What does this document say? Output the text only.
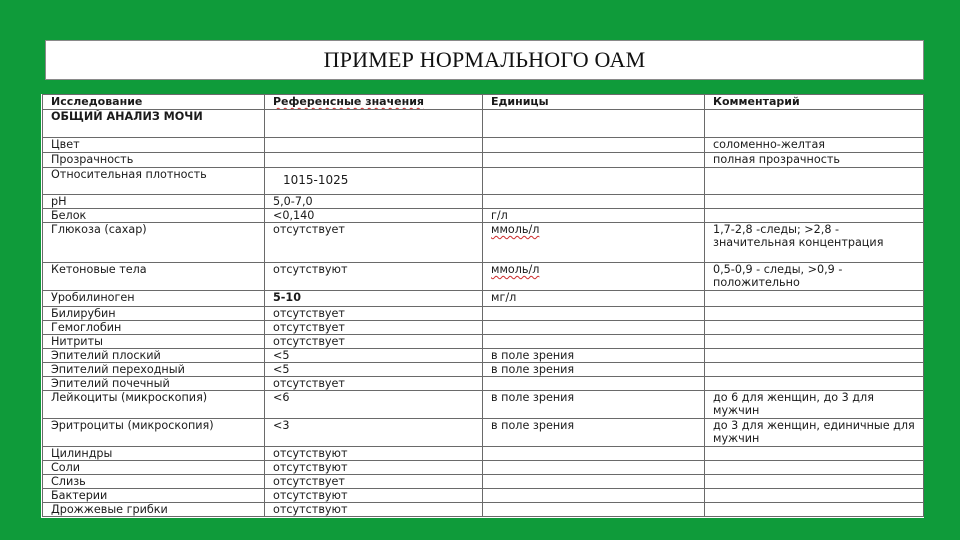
ПРИМЕР НОРМАЛЬНОГО ОАМ
Исследование	Референсные значения	Единицы	Комментарий
ОБЩИЙ АНАЛИЗ МОЧИ			
Цвет			соломенно-желтая
Прозрачность			полная прозрачность
Относительная плотность	1015-1025		
pH	5,0-7,0		
Белок	<0,140	г/л	
Глюкоза (сахар)	отсутствует	ммоль/л	1,7-2,8 -следы; >2,8 - значительная концентрация
Кетоновые тела	отсутствуют	ммоль/л	0,5-0,9 - следы, >0,9 - положительно
Уробилиноген	5-10	мг/л	
Билирубин	отсутствует		
Гемоглобин	отсутствует		
Нитриты	отсутствует		
Эпителий плоский	<5	в поле зрения	
Эпителий переходный	<5	в поле зрения	
Эпителий почечный	отсутствует		
Лейкоциты (микроскопия)	<6	в поле зрения	до 6 для женщин, до 3 для мужчин
Эритроциты (микроскопия)	<3	в поле зрения	до 3 для женщин, единичные для мужчин
Цилиндры	отсутствуют		
Соли	отсутствуют		
Слизь	отсутствует		
Бактерии	отсутствуют		
Дрожжевые грибки	отсутствуют		
